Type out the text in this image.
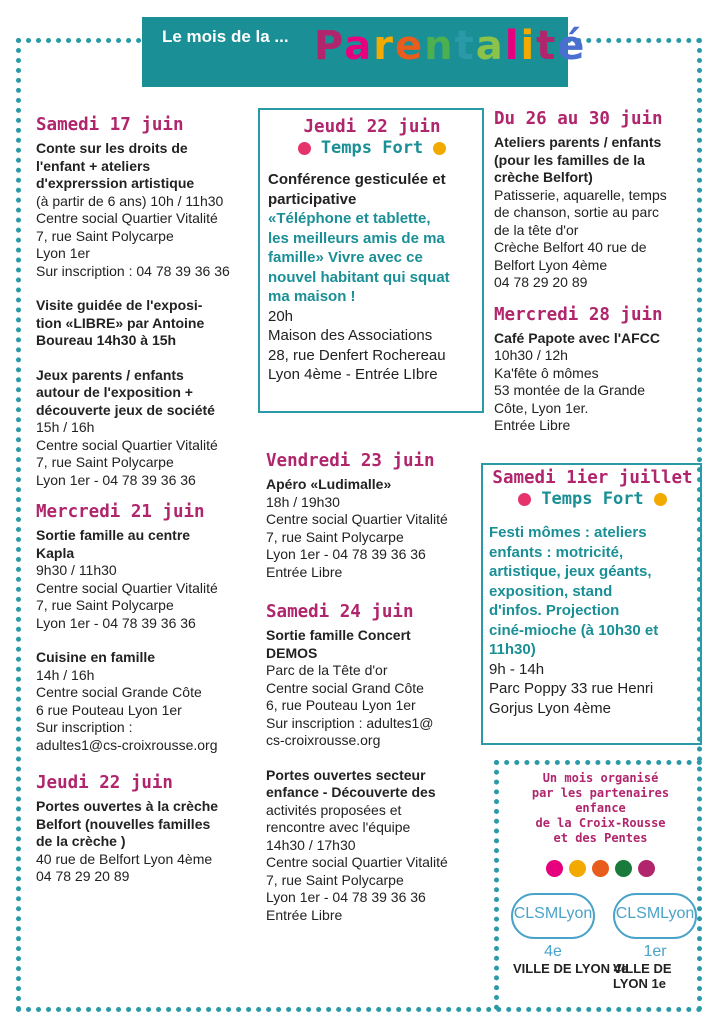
Le mois de la ... Parentalité
Samedi 17 juin
Conte sur les droits de
l'enfant + ateliers
d'exprerssion artistique
(à partir de 6 ans) 10h / 11h30
Centre social Quartier Vitalité
7, rue Saint Polycarpe
Lyon 1er
Sur inscription : 04 78 39 36 36
Visite guidée de l'exposi-
tion «LIBRE» par Antoine
Boureau 14h30 à 15h
Jeux parents / enfants
autour de l'exposition +
découverte jeux de société
15h / 16h
Centre social Quartier Vitalité
7, rue Saint Polycarpe
Lyon 1er - 04 78 39 36 36
Mercredi 21 juin
Sortie famille au centre
Kapla
9h30 / 11h30
Centre social Quartier Vitalité
7, rue Saint Polycarpe
Lyon 1er - 04 78 39 36 36
Cuisine en famille
14h / 16h
Centre social Grande Côte
6 rue Pouteau Lyon 1er
Sur inscription :
adultes1@cs-croixrousse.org
Jeudi 22 juin
Portes ouvertes à la crèche
Belfort (nouvelles familles
de la crèche )
40 rue de Belfort Lyon 4ème
04 78 29 20 89
Jeudi 22 juin
Temps Fort
Conférence gesticulée et
participative
«Téléphone et tablette,
les meilleurs amis de ma
famille» Vivre avec ce
nouvel habitant qui squat
ma maison !
20h
Maison des Associations
28, rue Denfert Rochereau
Lyon 4ème - Entrée LIbre
Vendredi 23 juin
Apéro «Ludimalle»
18h / 19h30
Centre social Quartier Vitalité
7, rue Saint Polycarpe
Lyon 1er - 04 78 39 36 36
Entrée Libre
Samedi 24 juin
Sortie famille Concert
DEMOS
Parc de la Tête d'or
Centre social Grand Côte
6, rue Pouteau Lyon 1er
Sur inscription : adultes1@
cs-croixrousse.org
Portes ouvertes secteur
enfance - Découverte des
activités proposées et
rencontre avec l'équipe
14h30 / 17h30
Centre social Quartier Vitalité
7, rue Saint Polycarpe
Lyon 1er - 04 78 39 36 36
Entrée Libre
Du 26 au 30 juin
Ateliers parents / enfants
(pour les familles de la
crèche Belfort)
Patisserie, aquarelle, temps
de chanson, sortie au parc
de la tête d'or
Crèche Belfort 40 rue de
Belfort Lyon 4ème
04 78 29 20 89
Mercredi 28 juin
Café Papote avec l'AFCC
10h30 / 12h
Ka'fête ô mômes
53 montée de la Grande
Côte, Lyon 1er.
Entrée Libre
Samedi 1ier juillet
Temps Fort
Festi mômes : ateliers
enfants : motricité,
artistique, jeux géants,
exposition, stand
d'infos. Projection
ciné-mioche (à 10h30 et
11h30)
9h - 14h
Parc Poppy 33 rue Henri
Gorjus Lyon 4ème
Un mois organisé
par les partenaires
enfance
de la Croix-Rousse
et des Pentes
CLSMLyon 4e
CLSMLyon 1er
VILLE DE LYON 4e
VILLE DE LYON 1e
